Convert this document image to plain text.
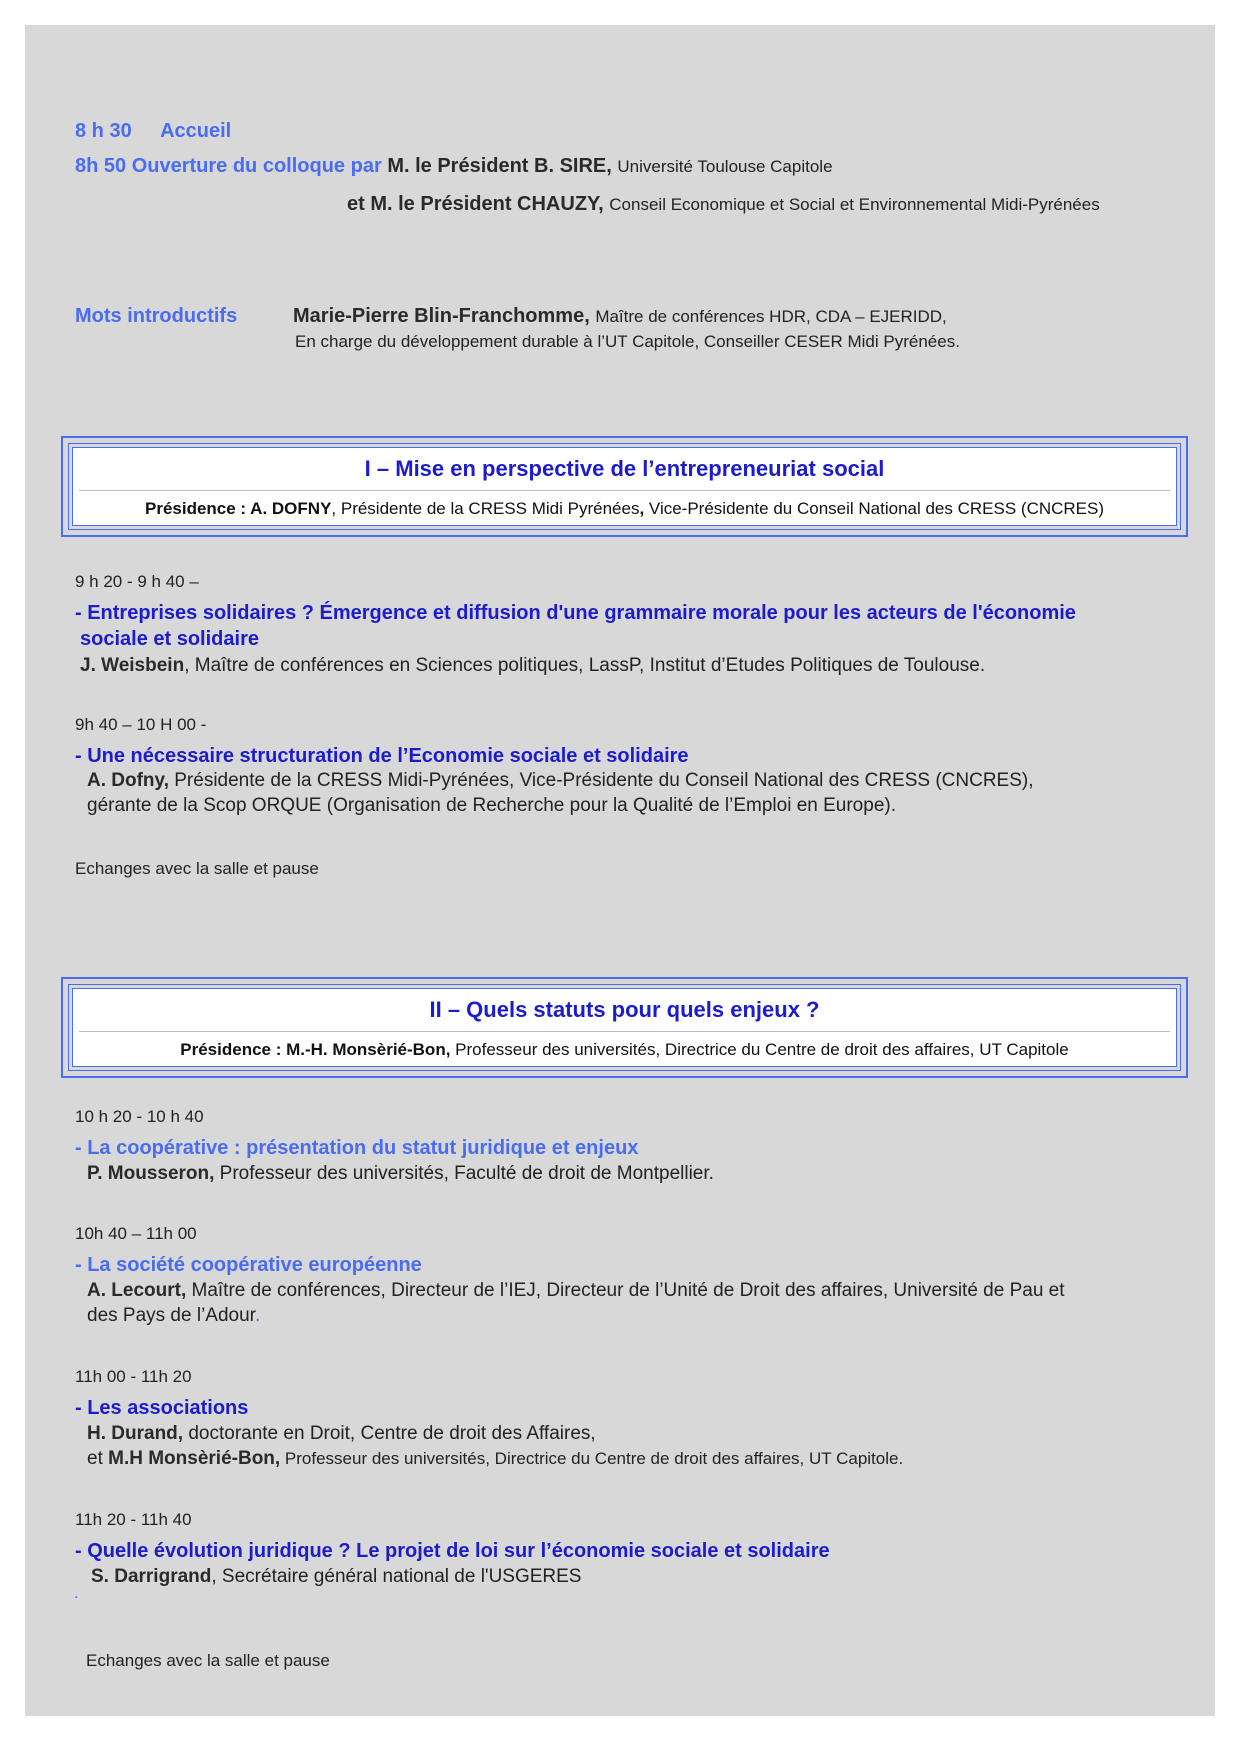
8 h 30 Accueil
8h 50 Ouverture du colloque par M. le Président B. SIRE, Université Toulouse Capitole
et M. le Président CHAUZY, Conseil Economique et Social et Environnemental Midi-Pyrénées
Mots introductifs	Marie-Pierre Blin-Franchomme, Maître de conférences HDR, CDA – EJERIDD,
En charge du développement durable à l’UT Capitole, Conseiller CESER Midi Pyrénées.
I – Mise en perspective de l’entrepreneuriat social
Présidence : A. DOFNY, Présidente de la CRESS Midi Pyrénées, Vice-Présidente du Conseil National des CRESS (CNCRES)
9 h 20 - 9 h 40 –
- Entreprises solidaires ? Émergence et diffusion d'une grammaire morale pour les acteurs de l'économie
sociale et solidaire
J. Weisbein, Maître de conférences en Sciences politiques, LassP, Institut d’Etudes Politiques de Toulouse.
9h 40 – 10 H 00 -
- Une nécessaire structuration de l’Economie sociale et solidaire
A. Dofny, Présidente de la CRESS Midi-Pyrénées, Vice-Présidente du Conseil National des CRESS (CNCRES),
gérante de la Scop ORQUE (Organisation de Recherche pour la Qualité de l’Emploi en Europe).
Echanges avec la salle et pause
II – Quels statuts pour quels enjeux ?
Présidence : M.-H. Monsèrié-Bon, Professeur des universités, Directrice du Centre de droit des affaires, UT Capitole
10 h 20 - 10 h 40
- La coopérative : présentation du statut juridique et enjeux
P. Mousseron, Professeur des universités, Faculté de droit de Montpellier.
10h 40 – 11h 00
- La société coopérative européenne
A. Lecourt, Maître de conférences, Directeur de l’IEJ, Directeur de l’Unité de Droit des affaires, Université de Pau et
des Pays de l’Adour.
11h 00 - 11h 20
- Les associations
H. Durand, doctorante en Droit, Centre de droit des Affaires,
et M.H Monsèrié-Bon, Professeur des universités, Directrice du Centre de droit des affaires, UT Capitole.
11h 20 - 11h 40
- Quelle évolution juridique ? Le projet de loi sur l’économie sociale et solidaire
S. Darrigrand, Secrétaire général national de l'USGERES
.
Echanges avec la salle et pause
